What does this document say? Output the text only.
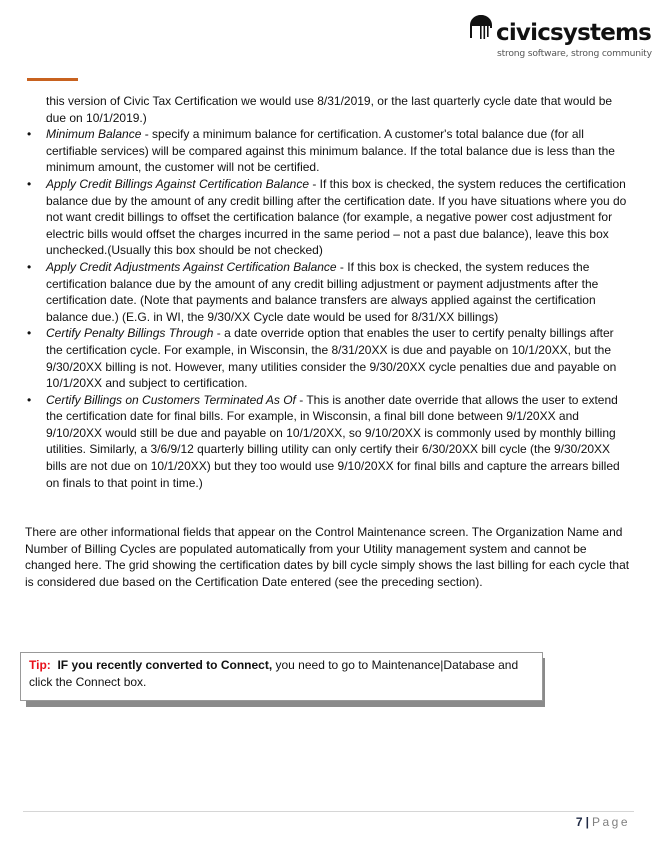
civicsystems
strong software, strong community
this version of Civic Tax Certification we would use 8/31/2019, or the last quarterly cycle date that would be due on 10/1/2019.)
• Minimum Balance - specify a minimum balance for certification. A customer's total balance due (for all certifiable services) will be compared against this minimum balance. If the total balance due is less than the minimum amount, the customer will not be certified.
• Apply Credit Billings Against Certification Balance - If this box is checked, the system reduces the certification balance due by the amount of any credit billing after the certification date. If you have situations where you do not want credit billings to offset the certification balance (for example, a negative power cost adjustment for electric bills would offset the charges incurred in the same period – not a past due balance), leave this box unchecked.(Usually this box should be not checked)
• Apply Credit Adjustments Against Certification Balance - If this box is checked, the system reduces the certification balance due by the amount of any credit billing adjustment or payment adjustments after the certification date. (Note that payments and balance transfers are always applied against the certification balance due.) (E.G. in WI, the 9/30/XX Cycle date would be used for 8/31/XX billings)
• Certify Penalty Billings Through - a date override option that enables the user to certify penalty billings after the certification cycle. For example, in Wisconsin, the 8/31/20XX is due and payable on 10/1/20XX, but the 9/30/20XX billing is not. However, many utilities consider the 9/30/20XX cycle penalties due and payable on 10/1/20XX and subject to certification.
• Certify Billings on Customers Terminated As Of - This is another date override that allows the user to extend the certification date for final bills. For example, in Wisconsin, a final bill done between 9/1/20XX and 9/10/20XX would still be due and payable on 10/1/20XX, so 9/10/20XX is commonly used by monthly billing utilities. Similarly, a 3/6/9/12 quarterly billing utility can only certify their 6/30/20XX bill cycle (the 9/30/20XX bills are not due on 10/1/20XX) but they too would use 9/10/20XX for final bills and capture the arrears billed on finals to that point in time.)
There are other informational fields that appear on the Control Maintenance screen. The Organization Name and Number of Billing Cycles are populated automatically from your Utility management system and cannot be changed here. The grid showing the certification dates by bill cycle simply shows the last billing for each cycle that is considered due based on the Certification Date entered (see the preceding section).
Tip:  IF you recently converted to Connect, you need to go to Maintenance|Database and click the Connect box.
7 | Page
